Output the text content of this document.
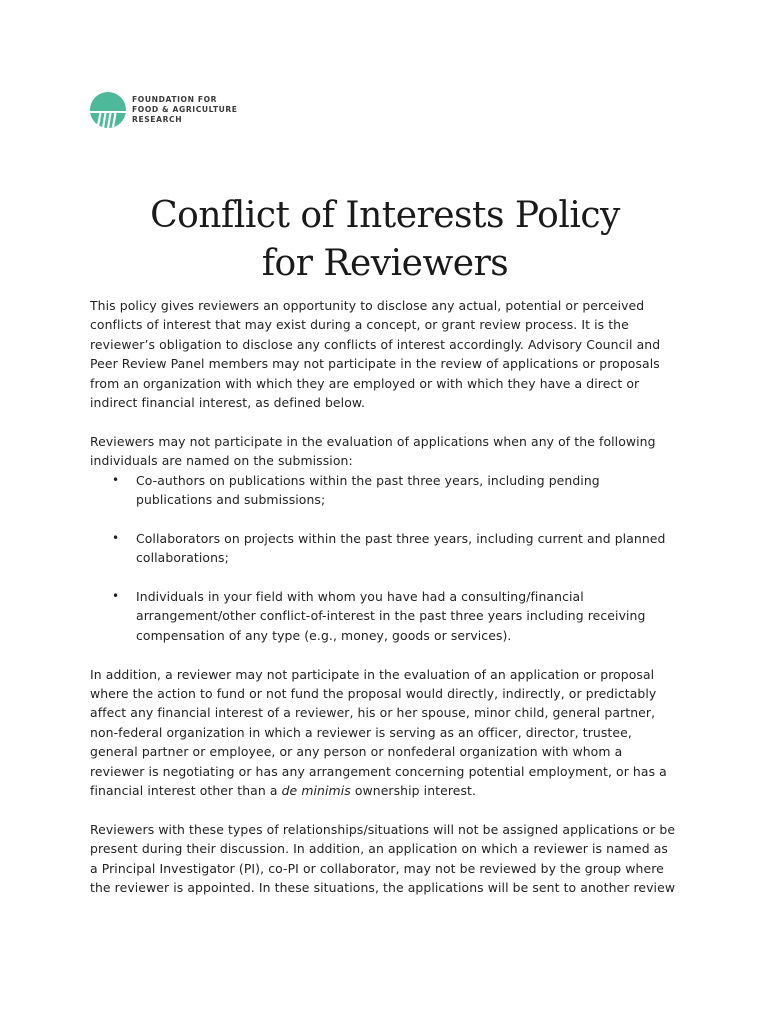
FOUNDATION FOR
FOOD & AGRICULTURE
RESEARCH
Conflict of Interests Policy
for Reviewers
This policy gives reviewers an opportunity to disclose any actual, potential or perceived
conflicts of interest that may exist during a concept, or grant review process. It is the
reviewer’s obligation to disclose any conflicts of interest accordingly. Advisory Council and
Peer Review Panel members may not participate in the review of applications or proposals
from an organization with which they are employed or with which they have a direct or
indirect financial interest, as defined below.
Reviewers may not participate in the evaluation of applications when any of the following
individuals are named on the submission:
• Co-authors on publications within the past three years, including pending
publications and submissions;
• Collaborators on projects within the past three years, including current and planned
collaborations;
• Individuals in your field with whom you have had a consulting/financial
arrangement/other conflict-of-interest in the past three years including receiving
compensation of any type (e.g., money, goods or services).
In addition, a reviewer may not participate in the evaluation of an application or proposal
where the action to fund or not fund the proposal would directly, indirectly, or predictably
affect any financial interest of a reviewer, his or her spouse, minor child, general partner,
non-federal organization in which a reviewer is serving as an officer, director, trustee,
general partner or employee, or any person or nonfederal organization with whom a
reviewer is negotiating or has any arrangement concerning potential employment, or has a
financial interest other than a de minimis ownership interest.
Reviewers with these types of relationships/situations will not be assigned applications or be
present during their discussion. In addition, an application on which a reviewer is named as
a Principal Investigator (PI), co-PI or collaborator, may not be reviewed by the group where
the reviewer is appointed. In these situations, the applications will be sent to another review
